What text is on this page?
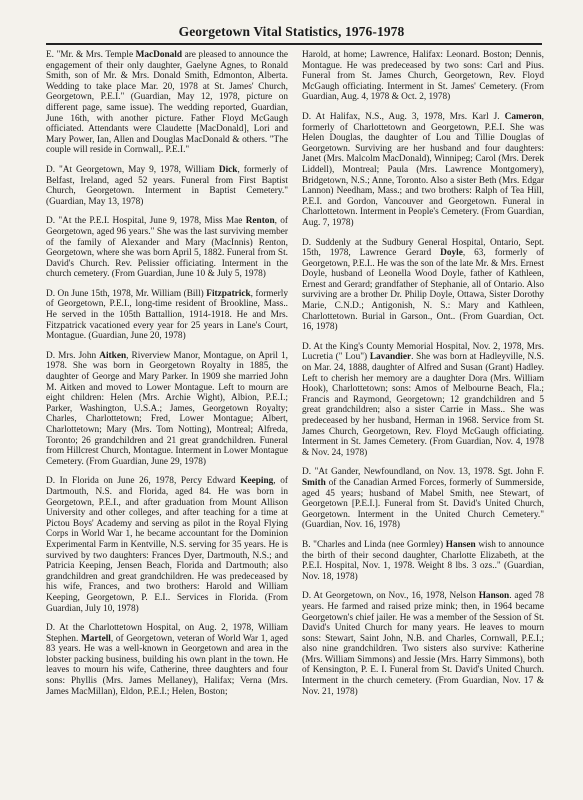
Georgetown Vital Statistics, 1976-1978

E. "Mr. & Mrs. Temple MacDonald are pleased to announce the engagement of their only daughter, Gaelyne Agnes, to Ronald Smith, son of Mr. & Mrs. Donald Smith, Edmonton, Alberta. Wedding to take place Mar. 20, 1978 at St. James' Church, Georgetown, P.E.I." (Guardian, May 12, 1978, picture on different page, same issue). The wedding reported, Guardian, June 16th, with another picture. Father Floyd McGaugh officiated. Attendants were Claudette [MacDonald], Lori and Mary Power, Ian, Allen and Douglas MacDonald & others. "The couple will reside in Cornwall,. P.E.I."

D. "At Georgetown, May 9, 1978, William Dick, formerly of Belfast, Ireland, aged 52 years. Funeral from First Baptist Church, Georgetown. Interment in Baptist Cemetery." (Guardian, May 13, 1978)

D. "At the P.E.I. Hospital, June 9, 1978, Miss Mae Renton, of Georgetown, aged 96 years." She was the last surviving member of the family of Alexander and Mary (MacInnis) Renton, Georgetown, where she was born April 5, 1882. Funeral from St. David's Church. Rev. Pelissier officiating. Interment in the church cemetery. (From Guardian, June 10 & July 5, 1978)

D. On June 15th, 1978, Mr. William (Bill) Fitzpatrick, formerly of Georgetown, P.E.I., long-time resident of Brookline, Mass.. He served in the 105th Battallion, 1914-1918. He and Mrs. Fitzpatrick vacationed every year for 25 years in Lane's Court, Montague. (Guardian, June 20, 1978)

D. Mrs. John Aitken, Riverview Manor, Montague, on April 1, 1978. She was born in Georgetown Royalty in 1885, the daughter of George and Mary Parker. In 1909 she married John M. Aitken and moved to Lower Montague. Left to mourn are eight children: Helen (Mrs. Archie Wight), Albion, P.E.I.; Parker, Washington, U.S.A.; James, Georgetown Royalty; Charles, Charlottetown; Fred, Lower Montague; Albert, Charlottetown; Mary (Mrs. Tom Notting), Montreal; Alfreda, Toronto; 26 grandchildren and 21 great grandchildren. Funeral from Hillcrest Church, Montague. Interment in Lower Montague Cemetery. (From Guardian, June 29, 1978)

D. In Florida on June 26, 1978, Percy Edward Keeping, of Dartmouth, N.S. and Florida, aged 84. He was born in Georgetown, P.E.I., and after graduation from Mount Allison University and other colleges, and after teaching for a time at Pictou Boys' Academy and serving as pilot in the Royal Flying Corps in World War 1, he became accountant for the Dominion Experimental Farm in Kentville, N.S. serving for 35 years. He is survived by two daughters: Frances Dyer, Dartmouth, N.S.; and Patricia Keeping, Jensen Beach, Florida and Dartmouth; also grandchildren and great grandchildren. He was predeceased by his wife, Frances, and two brothers: Harold and William Keeping, Georgetown, P. E.I.. Services in Florida. (From Guardian, July 10, 1978)

D. At the Charlottetown Hospital, on Aug. 2, 1978, William Stephen. Martell, of Georgetown, veteran of World War 1, aged 83 years. He was a well-known in Georgetown and area in the lobster packing business, building his own plant in the town. He leaves to mourn his wife, Catherine, three daughters and four sons: Phyllis (Mrs. James Mellaney), Halifax; Verna (Mrs. James MacMillan), Eldon, P.E.I.; Helen, Boston;

Harold, at home; Lawrence, Halifax: Leonard. Boston; Dennis, Montague. He was predeceased by two sons: Carl and Pius. Funeral from St. James Church, Georgetown, Rev. Floyd McGaugh officiating. Interment in St. James' Cemetery. (From Guardian, Aug. 4, 1978 & Oct. 2, 1978)

D. At Halifax, N.S., Aug. 3, 1978, Mrs. Karl J. Cameron, formerly of Charlottetown and Georgetown, P.E.I. She was Helen Douglas, the daughter of Lou and Tillie Douglas of Georgetown. Surviving are her husband and four daughters: Janet (Mrs. Malcolm MacDonald), Winnipeg; Carol (Mrs. Derek Liddell), Montreal; Paula (Mrs. Lawrence Montgomery), Bridgetown, N.S.; Anne, Toronto. Also a sister Beth (Mrs. Edgar Lannon) Needham, Mass.; and two brothers: Ralph of Tea Hill, P.E.I. and Gordon, Vancouver and Georgetown. Funeral in Charlottetown. Interment in People's Cemetery. (From Guardian, Aug. 7, 1978)

D. Suddenly at the Sudbury General Hospital, Ontario, Sept. 15th, 1978, Lawrence Gerard Doyle, 63, formerly of Georgetown, P.E.I.. He was the son of the late Mr. & Mrs. Ernest Doyle, husband of Leonella Wood Doyle, father of Kathleen, Ernest and Gerard; grandfather of Stephanie, all of Ontario. Also surviving are a brother Dr. Philip Doyle, Ottawa, Sister Dorothy Marie, C.N.D.; Antigonish, N. S.: Mary and Kathleen, Charlottetown. Burial in Garson., Ont.. (From Guardian, Oct. 16, 1978)

D. At the King's County Memorial Hospital, Nov. 2, 1978, Mrs. Lucretia (" Lou") Lavandier. She was born at Hadleyville, N.S. on Mar. 24, 1888, daughter of Alfred and Susan (Grant) Hadley. Left to cherish her memory are a daughter Dora (Mrs. William Hook), Charlottetown; sons: Amos of Melbourne Beach, Fla.; Francis and Raymond, Georgetown; 12 grandchildren and 5 great grandchildren; also a sister Carrie in Mass.. She was predeceased by her husband, Herman in 1968. Service from St. James Church, Georgetown, Rev. Floyd McGaugh officiating. Interment in St. James Cemetery. (From Guardian, Nov. 4, 1978 & Nov. 24, 1978)

D. "At Gander, Newfoundland, on Nov. 13, 1978. Sgt. John F. Smith of the Canadian Armed Forces, formerly of Summerside, aged 45 years; husband of Mabel Smith, nee Stewart, of Georgetown [P.E.I.]. Funeral from St. David's United Church, Georgetown. Interment in the United Church Cemetery." (Guardian, Nov. 16, 1978)

B. "Charles and Linda (nee Gormley) Hansen wish to announce the birth of their second daughter, Charlotte Elizabeth, at the P.E.I. Hospital, Nov. 1, 1978. Weight 8 lbs. 3 ozs.." (Guardian, Nov. 18, 1978)

D. At Georgetown, on Nov., 16, 1978, Nelson Hanson. aged 78 years. He farmed and raised prize mink; then, in 1964 became Georgetown's chief jailer. He was a member of the Session of St. David's United Church for many years. He leaves to mourn sons: Stewart, Saint John, N.B. and Charles, Cornwall, P.E.I.; also nine grandchildren. Two sisters also survive: Katherine (Mrs. William Simmons) and Jessie (Mrs. Harry Simmons), both of Kensington, P. E. I. Funeral from St. David's United Church. Interment in the church cemetery. (From Guardian, Nov. 17 & Nov. 21, 1978)
